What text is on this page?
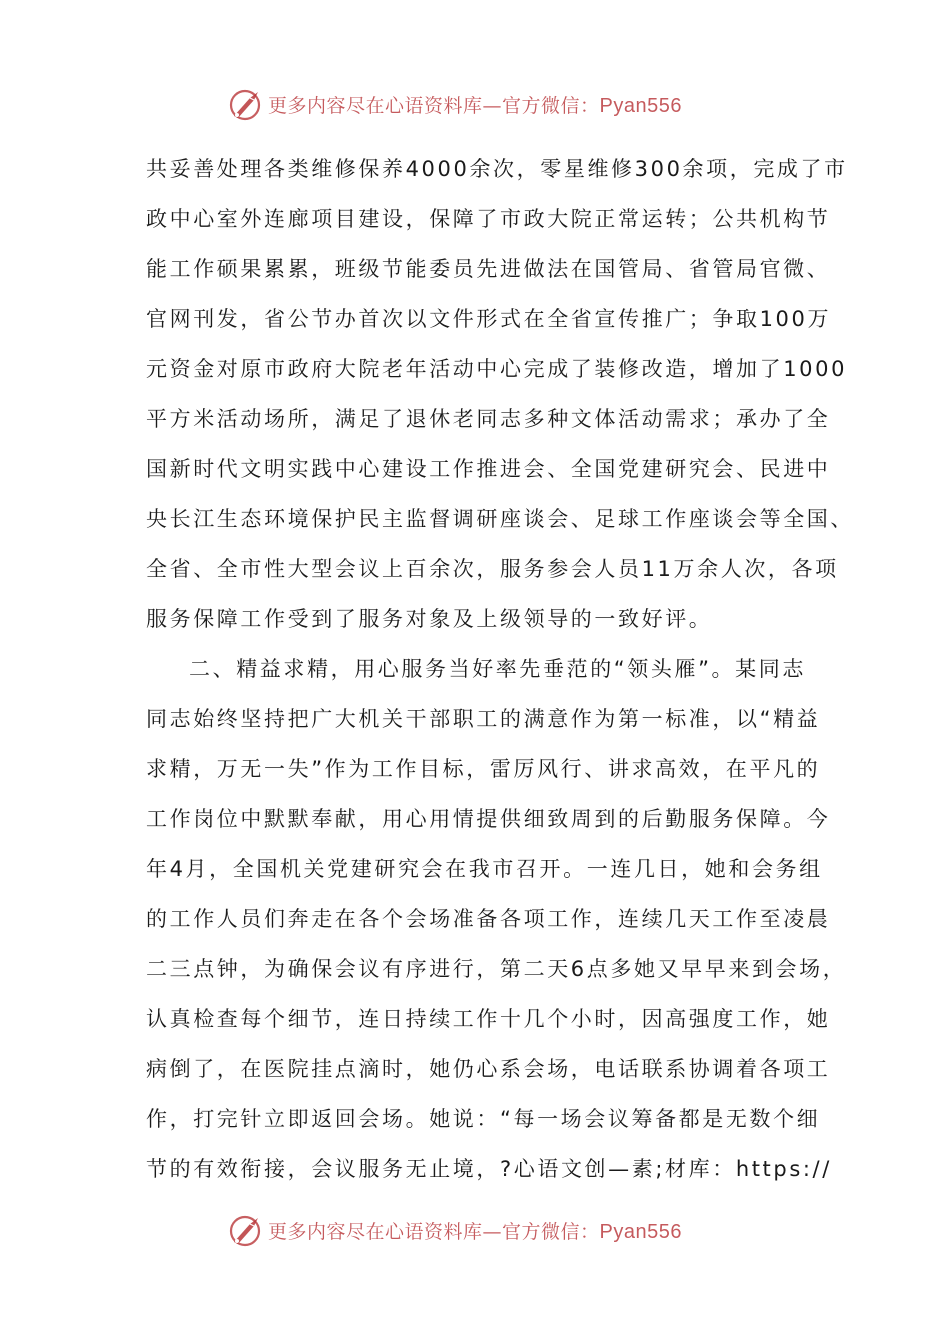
更多内容尽在心语资料库—官方微信：Pyan556
共妥善处理各类维修保养4000余次，零星维修300余项，完成了市
政中心室外连廊项目建设，保障了市政大院正常运转；公共机构节
能工作硕果累累，班级节能委员先进做法在国管局、省管局官微、
官网刊发，省公节办首次以文件形式在全省宣传推广；争取100万
元资金对原市政府大院老年活动中心完成了装修改造，增加了1000
平方米活动场所，满足了退休老同志多种文体活动需求；承办了全
国新时代文明实践中心建设工作推进会、全国党建研究会、民进中
央长江生态环境保护民主监督调研座谈会、足球工作座谈会等全国、
全省、全市性大型会议上百余次，服务参会人员11万余人次，各项
服务保障工作受到了服务对象及上级领导的一致好评。
二、精益求精，用心服务当好率先垂范的“领头雁”。某同志
同志始终坚持把广大机关干部职工的满意作为第一标准，以“精益
求精，万无一失”作为工作目标，雷厉风行、讲求高效，在平凡的
工作岗位中默默奉献，用心用情提供细致周到的后勤服务保障。今
年4月，全国机关党建研究会在我市召开。一连几日，她和会务组
的工作人员们奔走在各个会场准备各项工作，连续几天工作至凌晨
二三点钟，为确保会议有序进行，第二天6点多她又早早来到会场，
认真检查每个细节，连日持续工作十几个小时，因高强度工作，她
病倒了，在医院挂点滴时，她仍心系会场，电话联系协调着各项工
作，打完针立即返回会场。她说：“每一场会议筹备都是无数个细
节的有效衔接，会议服务无止境，?心语文创—素;材库：https://
更多内容尽在心语资料库—官方微信：Pyan556
